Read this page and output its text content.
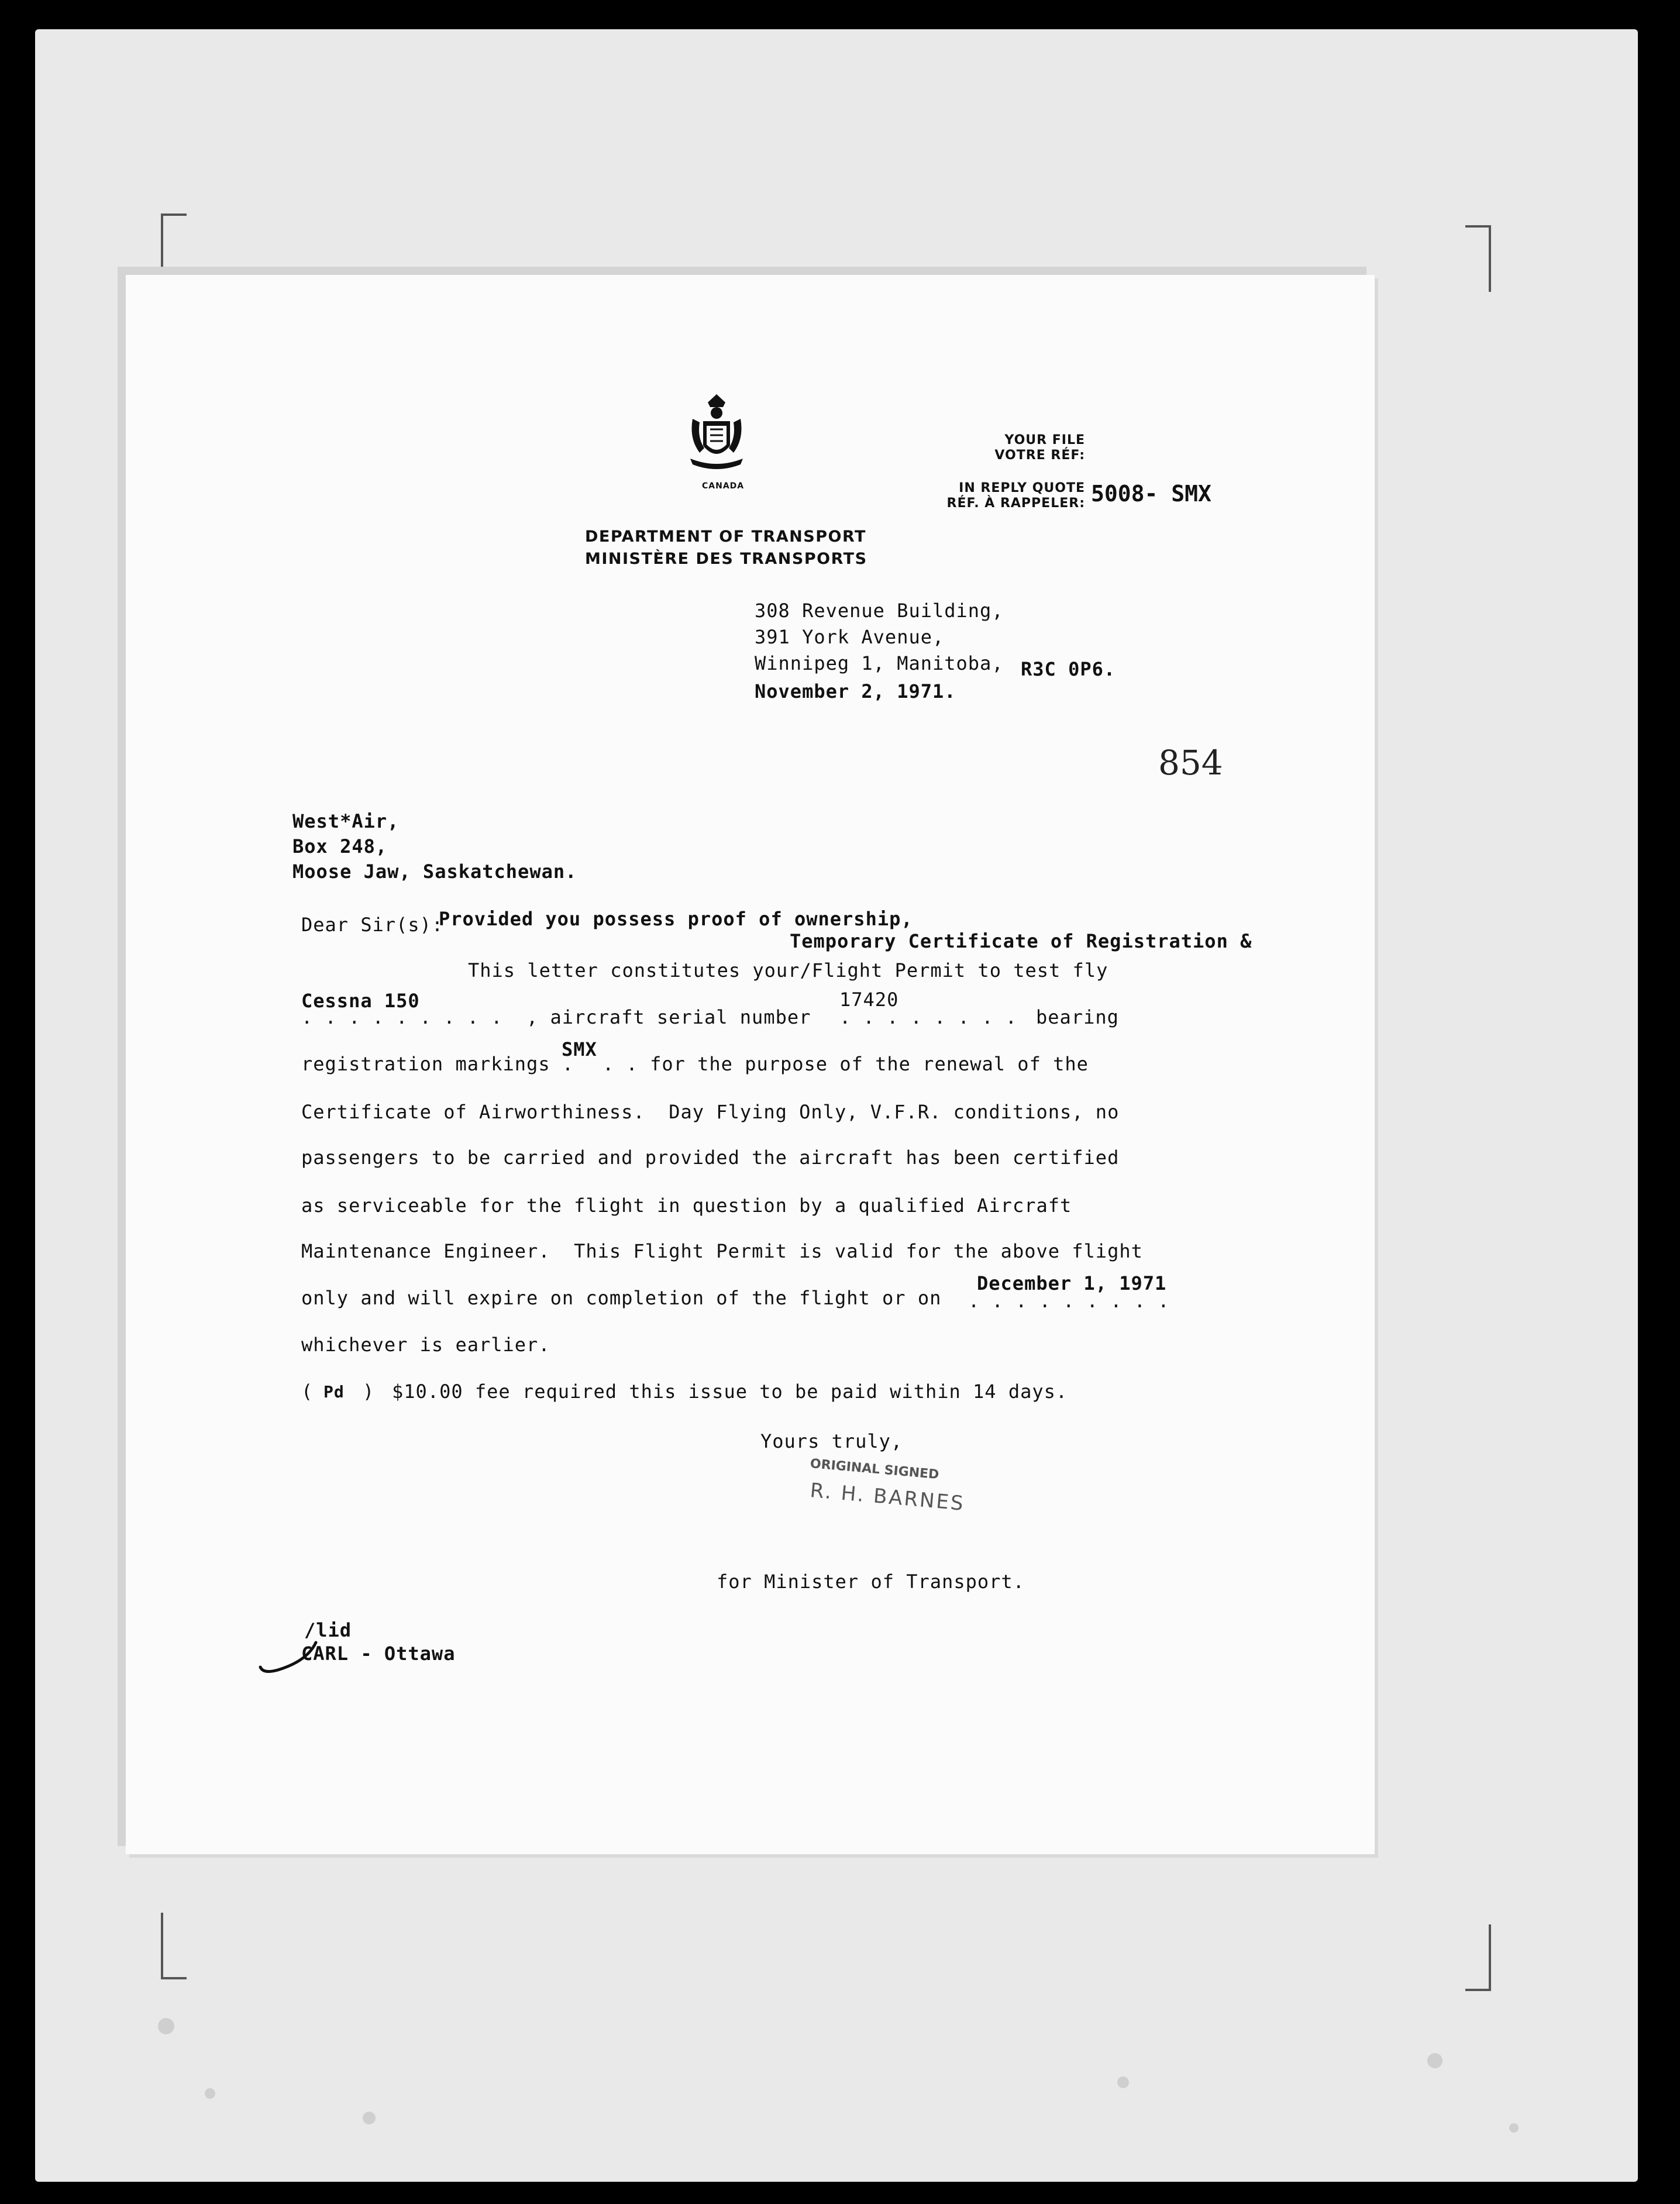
CANADA
DEPARTMENT OF TRANSPORT
MINISTÈRE DES TRANSPORTS
YOUR FILE
VOTRE RÉF:
IN REPLY QUOTE
RÉF. À RAPPELER: 5008- SMX
308 Revenue Building,
391 York Avenue,
Winnipeg 1, Manitoba, R3C 0P6.
November 2, 1971.
854
West*Air,
Box 248,
Moose Jaw, Saskatchewan.
Dear Sir(s):
Provided you possess proof of ownership,
Temporary Certificate of Registration &
This letter constitutes your/Flight Permit to test fly
Cessna 150
. . . . . . . . . , aircraft serial number
17420
. . . . . . . . bearing
registration markings .
SMX
. . for the purpose of the renewal of the
Certificate of Airworthiness.  Day Flying Only, V.F.R. conditions, no
passengers to be carried and provided the aircraft has been certified
as serviceable for the flight in question by a qualified Aircraft
Maintenance Engineer.  This Flight Permit is valid for the above flight
only and will expire on completion of the flight or on
December 1, 1971
. . . . . . . . .
whichever is earlier.
( Pd ) $10.00 fee required this issue to be paid within 14 days.
Yours truly,
ORIGINAL SIGNED
R. H. BARNES
for Minister of Transport.
/lid
CARL - Ottawa
